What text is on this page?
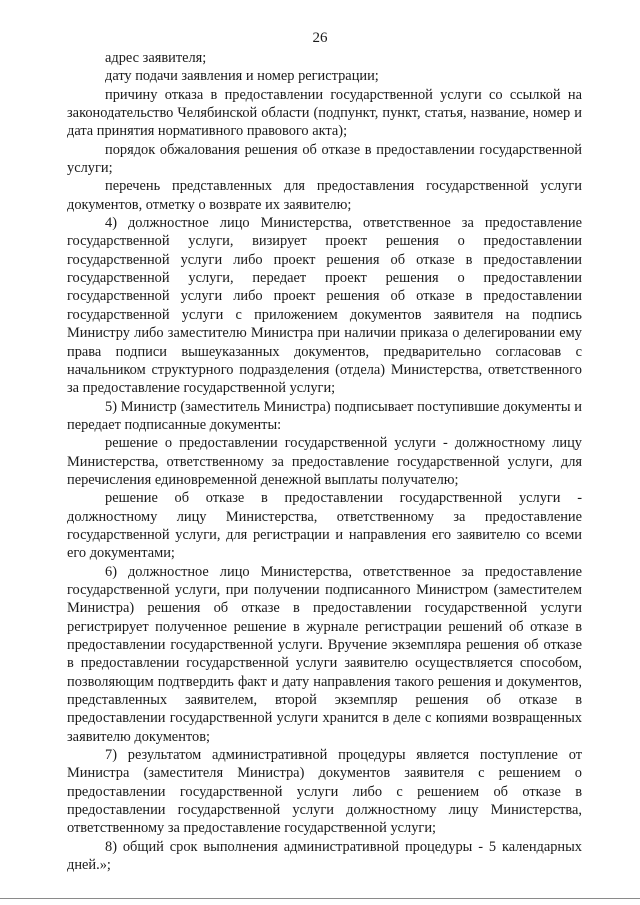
26

адрес заявителя;

дату подачи заявления и номер регистрации;

причину отказа в предоставлении государственной услуги со ссылкой на законодательство Челябинской области (подпункт, пункт, статья, название, номер и дата принятия нормативного правового акта);

порядок обжалования решения об отказе в предоставлении государственной услуги;

перечень представленных для предоставления государственной услуги документов, отметку о возврате их заявителю;

4) должностное лицо Министерства, ответственное за предоставление государственной услуги, визирует проект решения о предоставлении государственной услуги либо проект решения об отказе в предоставлении государственной услуги, передает проект решения о предоставлении государственной услуги либо проект решения об отказе в предоставлении государственной услуги с приложением документов заявителя на подпись Министру либо заместителю Министра при наличии приказа о делегировании ему права подписи вышеуказанных документов, предварительно согласовав с начальником структурного подразделения (отдела) Министерства, ответственного за предоставление государственной услуги;

5) Министр (заместитель Министра) подписывает поступившие документы и передает подписанные документы:

решение о предоставлении государственной услуги - должностному лицу Министерства, ответственному за предоставление государственной услуги, для перечисления единовременной денежной выплаты получателю;

решение об отказе в предоставлении государственной услуги - должностному лицу Министерства, ответственному за предоставление государственной услуги, для регистрации и направления его заявителю со всеми его документами;

6) должностное лицо Министерства, ответственное за предоставление государственной услуги, при получении подписанного Министром (заместителем Министра) решения об отказе в предоставлении государственной услуги регистрирует полученное решение в журнале регистрации решений об отказе в предоставлении государственной услуги. Вручение экземпляра решения об отказе в предоставлении государственной услуги заявителю осуществляется способом, позволяющим подтвердить факт и дату направления такого решения и документов, представленных заявителем, второй экземпляр решения об отказе в предоставлении государственной услуги хранится в деле с копиями возвращенных заявителю документов;

7) результатом административной процедуры является поступление от Министра (заместителя Министра) документов заявителя с решением о предоставлении государственной услуги либо с решением об отказе в предоставлении государственной услуги должностному лицу Министерства, ответственному за предоставление государственной услуги;

8) общий срок выполнения административной процедуры - 5 календарных дней.»;
